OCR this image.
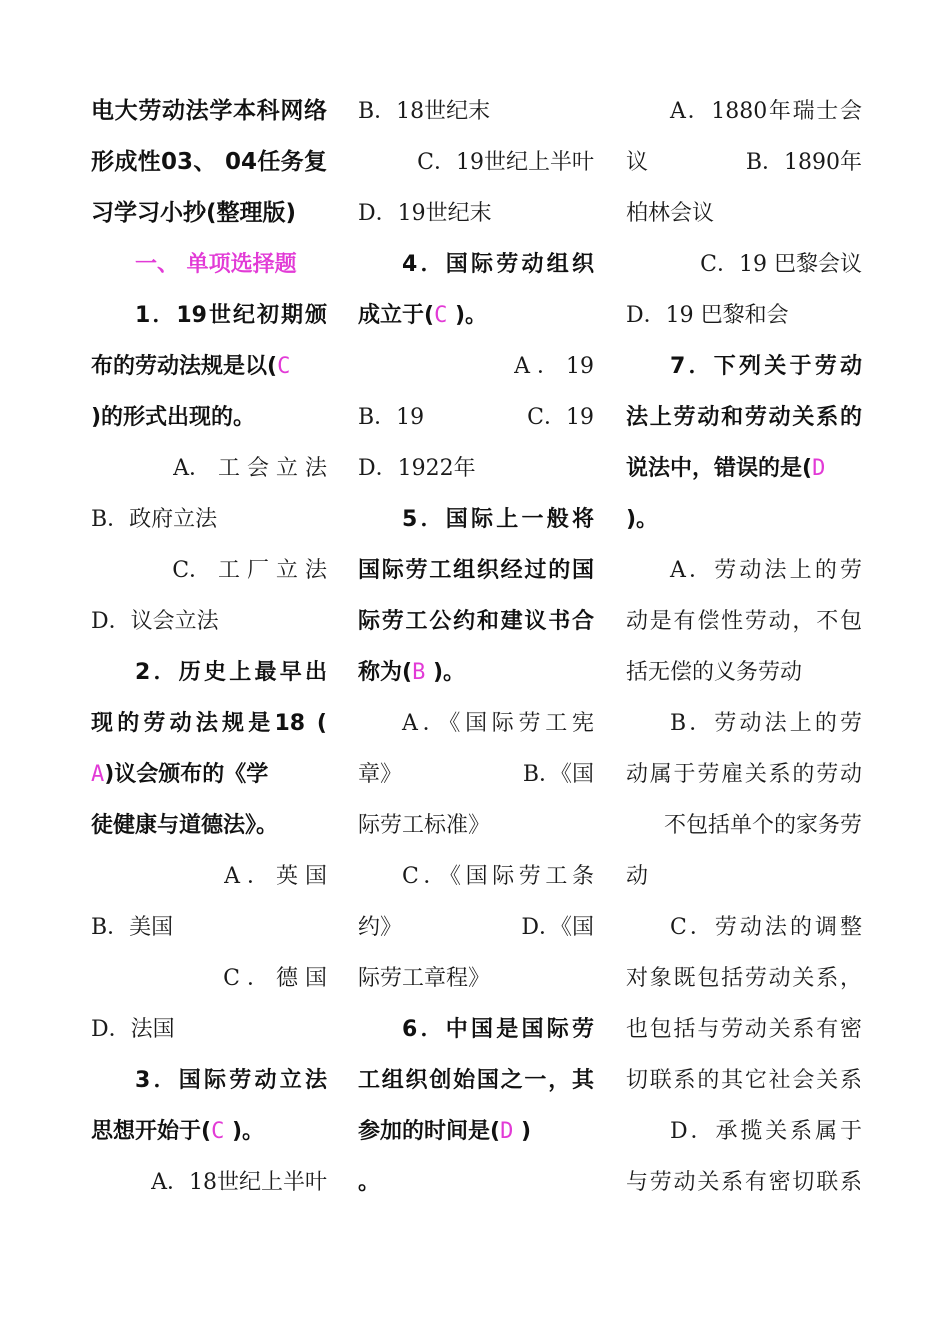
电大劳动法学本科网络
形成性03、 04任务复
习学习小抄(整理版)
一、 单项选择题
1．19世纪初期颁
布的劳动法规是以(C
)的形式出现的。
A． 工 会 立 法
B．政府立法
C． 工 厂 立 法
D．议会立法
2．历史上最早出
现的劳动法规是18 (
A)议会颁布的《学
徒健康与道德法》。
A ． 英 国
B．美国
C ． 德 国
D．法国
3．国际劳动立法
思想开始于(C )。
A．18世纪上半叶
B．18世纪末
C．19世纪上半叶
D．19世纪末
4．国际劳动组织
成立于(C )。
A ． 19
B．19	C．19
D．1922年
5．国际上一般将
国际劳工组织经过的国
际劳工公约和建议书合
称为(B )。
A．《国际劳工宪
章》	B．《国
际劳工标准》
C．《国际劳工条
约》	D．《国
际劳工章程》
6．中国是国际劳
工组织创始国之一，其
参加的时间是(D )
。
A．1880年瑞士会
议	B．1890年
柏林会议
C．19 巴黎会议
D．19 巴黎和会
7．下列关于劳动
法上劳动和劳动关系的
说法中，错误的是(D
)。
A．劳动法上的劳
动是有偿性劳动，不包
括无偿的义务劳动
B．劳动法上的劳
动属于劳雇关系的劳动
不包括单个的家务劳
动
C．劳动法的调整
对象既包括劳动关系，
也包括与劳动关系有密
切联系的其它社会关系
D．承揽关系属于
与劳动关系有密切联系
